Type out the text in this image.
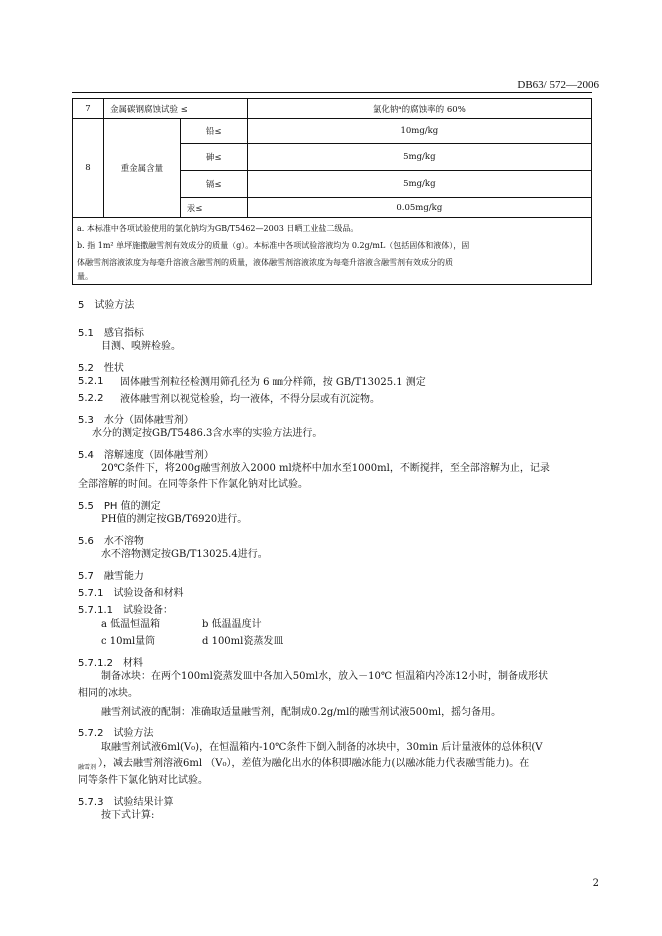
DB63/ 572—2006
7	金属碳钢腐蚀试验 ≤		氯化钠ᵃ的腐蚀率的 60%
8	重金属含量	铅≤	10mg/kg
		砷≤	5mg/kg
		镉≤	5mg/kg
		汞≤	0.05mg/kg
a. 本标准中各项试验使用的氯化钠均为GB/T5462—2003 日晒工业盐二级品。
b. 指 1m² 单坪施撒融雪剂有效成分的质量（g）。本标准中各项试验溶液均为 0.2g/mL（包括固体和液体），固
体融雪剂溶液浓度为每毫升溶液含融雪剂的质量，液体融雪剂溶液浓度为每毫升溶液含融雪剂有效成分的质
量。
5　试验方法
5.1　感官指标
目测、嗅辨检验。
5.2　性状
5.2.1 固体融雪剂粒径检测用筛孔径为 6 ㎜分样筛，按 GB/T13025.1 测定
5.2.2 液体融雪剂以视觉检验，均一液体，不得分层或有沉淀物。
5.3　水分（固体融雪剂）
水分的测定按GB/T5486.3含水率的实验方法进行。
5.4　溶解速度（固体融雪剂）
20℃条件下，将200g融雪剂放入2000 ml烧杯中加水至1000ml，不断搅拌，至全部溶解为止，记录
全部溶解的时间。在同等条件下作氯化钠对比试验。
5.5　PH 值的测定
PH值的测定按GB/T6920进行。
5.6　水不溶物
水不溶物测定按GB/T13025.4进行。
5.7　融雪能力
5.7.1　试验设备和材料
5.7.1.1　试验设备：
a 低温恒温箱	b 低温温度计
c 10ml量筒	d 100ml瓷蒸发皿
5.7.1.2　材料
制备冰块：在两个100ml瓷蒸发皿中各加入50ml水，放入－10℃ 恒温箱内冷冻12小时，制备成形状
相同的冰块。
融雪剂试液的配制：准确取适量融雪剂，配制成0.2g/ml的融雪剂试液500ml，摇匀备用。
5.7.2　试验方法
取融雪剂试液6ml(V₀)，在恒温箱内-10℃条件下倒入制备的冰块中，30min 后计量液体的总体积(V
融雪剂 ），减去融雪剂溶液6ml （V₀），差值为融化出水的体积即融冰能力(以融冰能力代表融雪能力)。在
同等条件下氯化钠对比试验。
5.7.3　试验结果计算
按下式计算:
2
